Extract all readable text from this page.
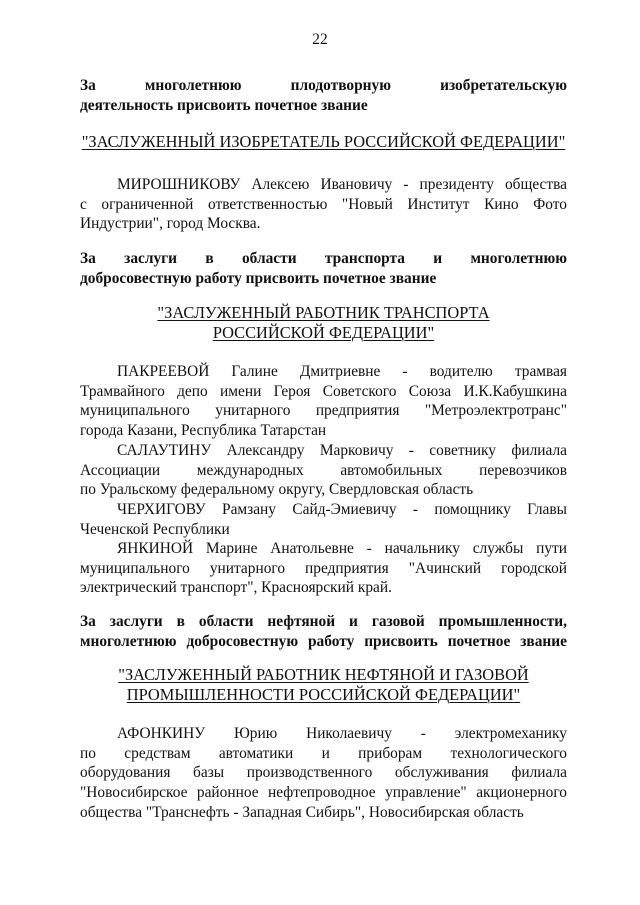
22
За многолетнюю плодотворную изобретательскую
деятельность присвоить почетное звание
"ЗАСЛУЖЕННЫЙ ИЗОБРЕТАТЕЛЬ РОССИЙСКОЙ ФЕДЕРАЦИИ"
МИРОШНИКОВУ Алексею Ивановичу - президенту общества
с ограниченной ответственностью "Новый Институт Кино Фото
Индустрии", город Москва.
За заслуги в области транспорта и многолетнюю
добросовестную работу присвоить почетное звание
"ЗАСЛУЖЕННЫЙ РАБОТНИК ТРАНСПОРТА
РОССИЙСКОЙ ФЕДЕРАЦИИ"
ПАКРЕЕВОЙ Галине Дмитриевне - водителю трамвая
Трамвайного депо имени Героя Советского Союза И.К.Кабушкина
муниципального унитарного предприятия "Метроэлектротранс"
города Казани, Республика Татарстан
САЛАУТИНУ Александру Марковичу - советнику филиала
Ассоциации международных автомобильных перевозчиков
по Уральскому федеральному округу, Свердловская область
ЧЕРХИГОВУ Рамзану Сайд-Эмиевичу - помощнику Главы
Чеченской Республики
ЯНКИНОЙ Марине Анатольевне - начальнику службы пути
муниципального унитарного предприятия "Ачинский городской
электрический транспорт", Красноярский край.
За заслуги в области нефтяной и газовой промышленности,
многолетнюю добросовестную работу присвоить почетное звание
"ЗАСЛУЖЕННЫЙ РАБОТНИК НЕФТЯНОЙ И ГАЗОВОЙ
ПРОМЫШЛЕННОСТИ РОССИЙСКОЙ ФЕДЕРАЦИИ"
АФОНКИНУ Юрию Николаевичу - электромеханику
по средствам автоматики и приборам технологического
оборудования базы производственного обслуживания филиала
"Новосибирское районное нефтепроводное управление" акционерного
общества "Транснефть - Западная Сибирь", Новосибирская область
